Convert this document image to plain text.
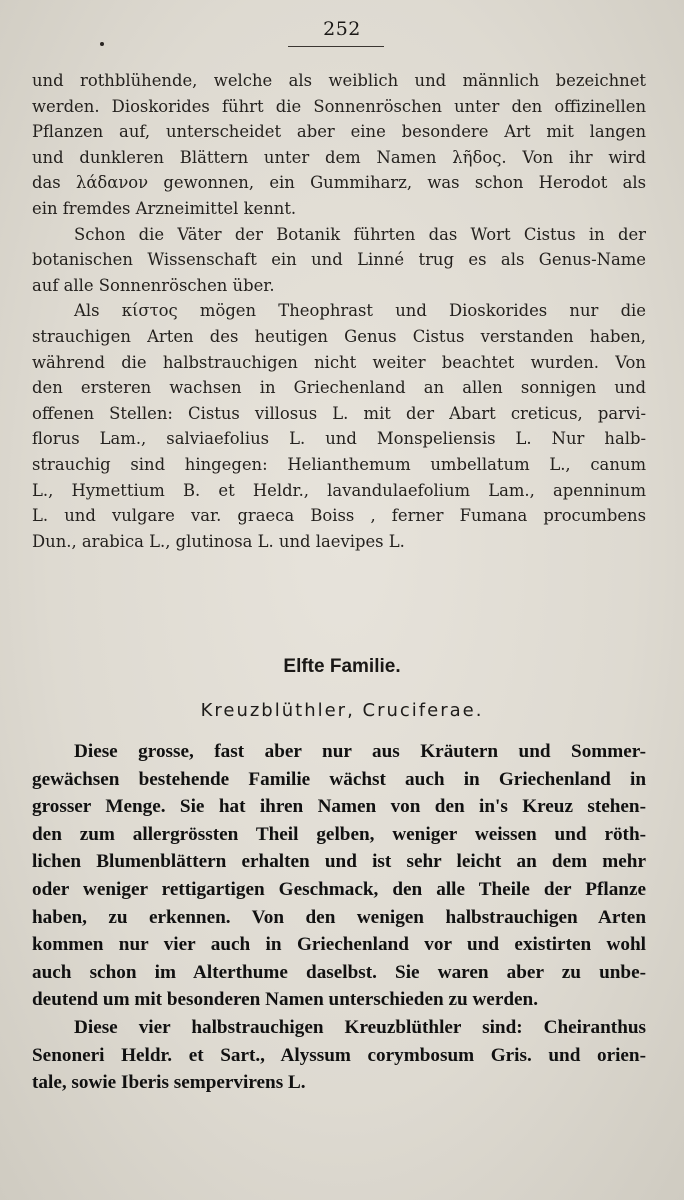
252
und rothblühende, welche als weiblich und männlich bezeichnet
werden. Dioskorides führt die Sonnenröschen unter den offizinellen
Pflanzen auf, unterscheidet aber eine besondere Art mit langen
und dunkleren Blättern unter dem Namen λῆδος. Von ihr wird
das λάδανον gewonnen, ein Gummiharz, was schon Herodot als
ein fremdes Arzneimittel kennt.
Schon die Väter der Botanik führten das Wort Cistus in der
botanischen Wissenschaft ein und Linné trug es als Genus-Name
auf alle Sonnenröschen über.
Als κίστος mögen Theophrast und Dioskorides nur die
strauchigen Arten des heutigen Genus Cistus verstanden haben,
während die halbstrauchigen nicht weiter beachtet wurden. Von
den ersteren wachsen in Griechenland an allen sonnigen und
offenen Stellen: Cistus villosus L. mit der Abart creticus, parvi-
florus Lam., salviaefolius L. und Monspeliensis L. Nur halb-
strauchig sind hingegen: Helianthemum umbellatum L., canum
L., Hymettium B. et Heldr., lavandulaefolium Lam., apenninum
L. und vulgare var. graeca Boiss , ferner Fumana procumbens
Dun., arabica L., glutinosa L. und laevipes L.
Elfte Familie.
Kreuzblüthler, Cruciferae.
Diese grosse, fast aber nur aus Kräutern und Sommer-
gewächsen bestehende Familie wächst auch in Griechenland in
grosser Menge. Sie hat ihren Namen von den in's Kreuz stehen-
den zum allergrössten Theil gelben, weniger weissen und röth-
lichen Blumenblättern erhalten und ist sehr leicht an dem mehr
oder weniger rettigartigen Geschmack, den alle Theile der Pflanze
haben, zu erkennen. Von den wenigen halbstrauchigen Arten
kommen nur vier auch in Griechenland vor und existirten wohl
auch schon im Alterthume daselbst. Sie waren aber zu unbe-
deutend um mit besonderen Namen unterschieden zu werden.
Diese vier halbstrauchigen Kreuzblüthler sind: Cheiranthus
Senoneri Heldr. et Sart., Alyssum corymbosum Gris. und orien-
tale, sowie Iberis sempervirens L.
